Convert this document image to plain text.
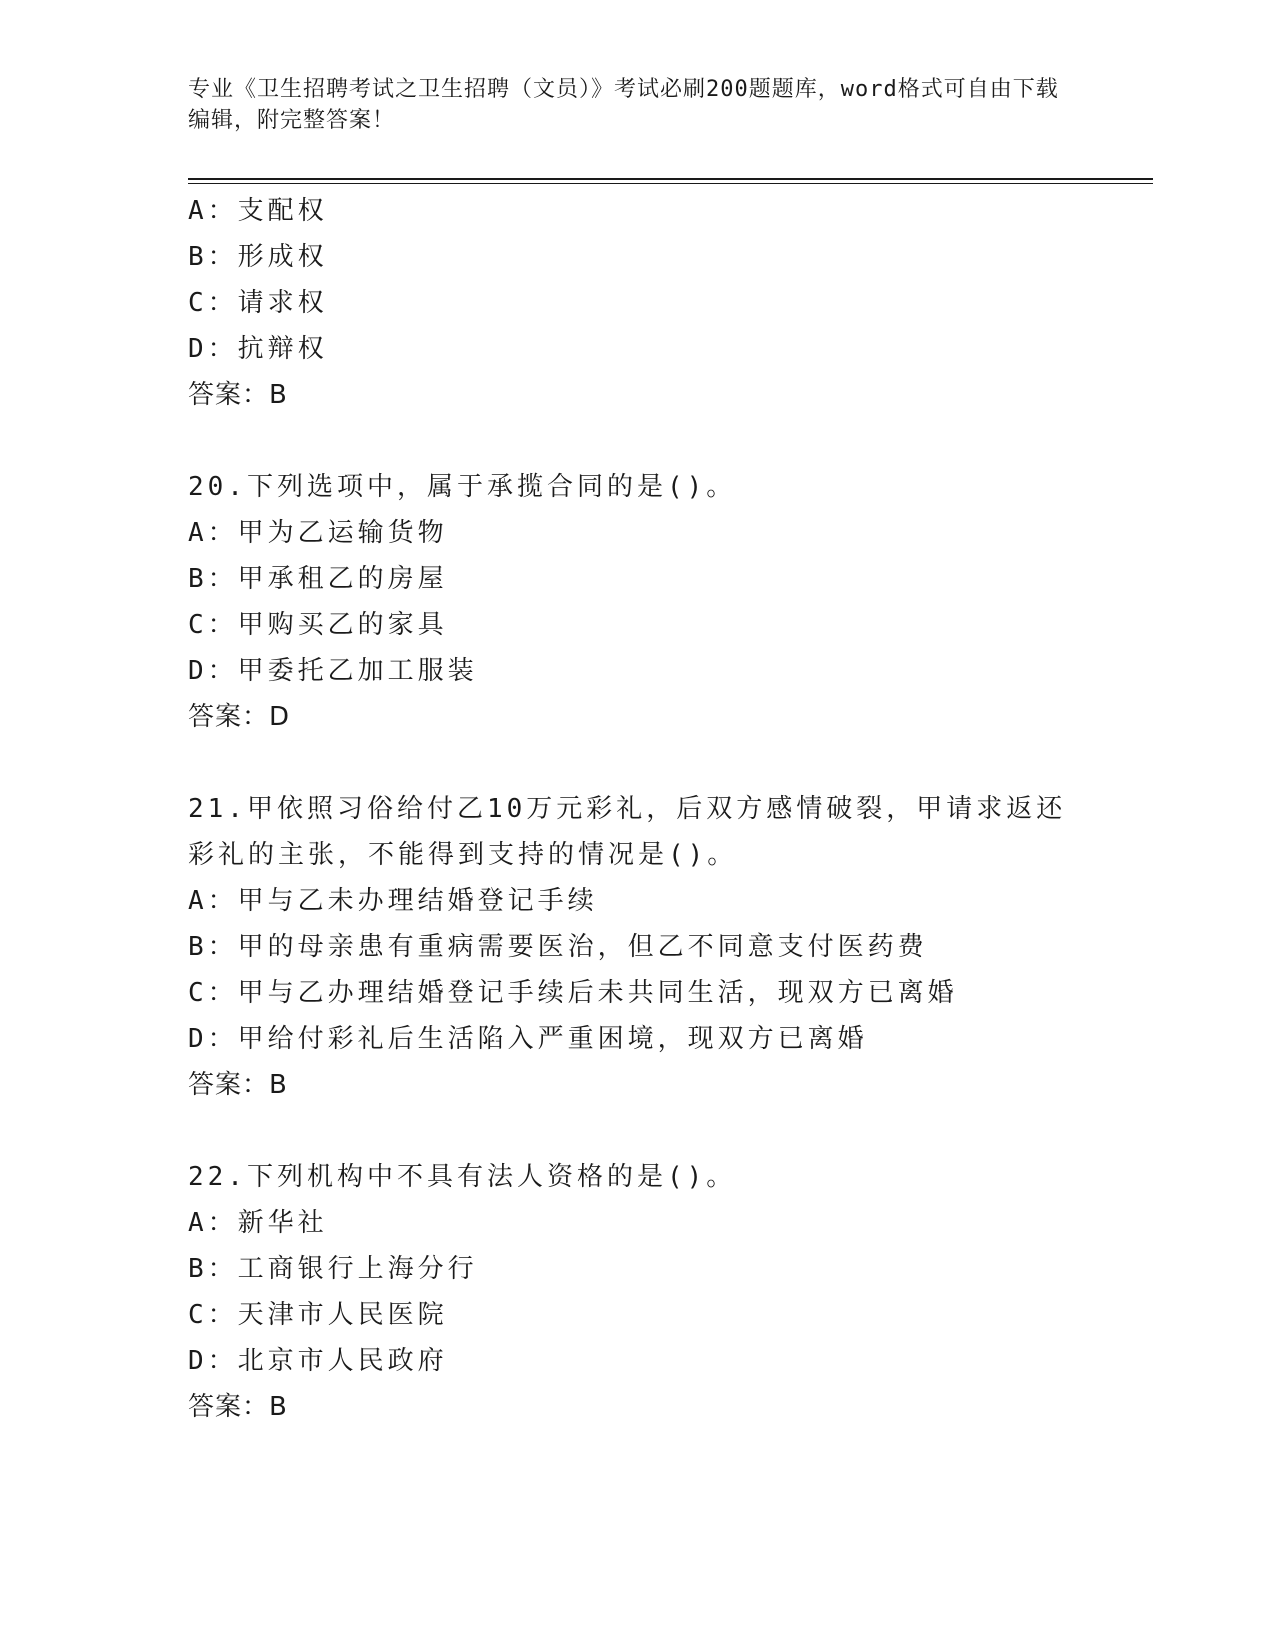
专业《卫生招聘考试之卫生招聘（文员）》考试必刷200题题库，word格式可自由下载编辑，附完整答案！
A：支配权
B：形成权
C：请求权
D：抗辩权
答案：B
20.下列选项中，属于承揽合同的是()。
A：甲为乙运输货物
B：甲承租乙的房屋
C：甲购买乙的家具
D：甲委托乙加工服装
答案：D
21.甲依照习俗给付乙10万元彩礼，后双方感情破裂，甲请求返还彩礼的主张，不能得到支持的情况是()。
A：甲与乙未办理结婚登记手续
B：甲的母亲患有重病需要医治，但乙不同意支付医药费
C：甲与乙办理结婚登记手续后未共同生活，现双方已离婚
D：甲给付彩礼后生活陷入严重困境，现双方已离婚
答案：B
22.下列机构中不具有法人资格的是()。
A：新华社
B：工商银行上海分行
C：天津市人民医院
D：北京市人民政府
答案：B
